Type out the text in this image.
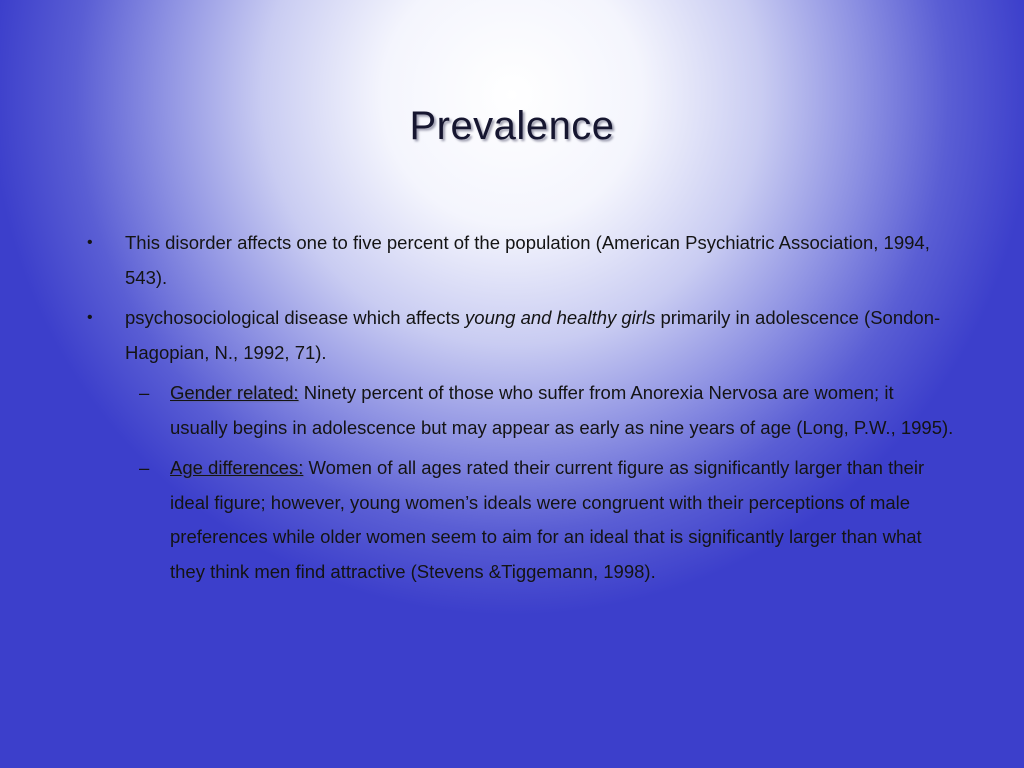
Prevalence
• This disorder affects one to five percent of the population (American Psychiatric Association, 1994, 543).
• psychosociological disease which affects young and healthy girls primarily in adolescence (Sondon-Hagopian, N., 1992, 71).
– Gender related: Ninety percent of those who suffer from Anorexia Nervosa are women; it usually begins in adolescence but may appear as early as nine years of age (Long, P.W., 1995).
– Age differences: Women of all ages rated their current figure as significantly larger than their ideal figure; however, young women’s ideals were congruent with their perceptions of male preferences while older women seem to aim for an ideal that is significantly larger than what they think men find attractive (Stevens &Tiggemann, 1998).
